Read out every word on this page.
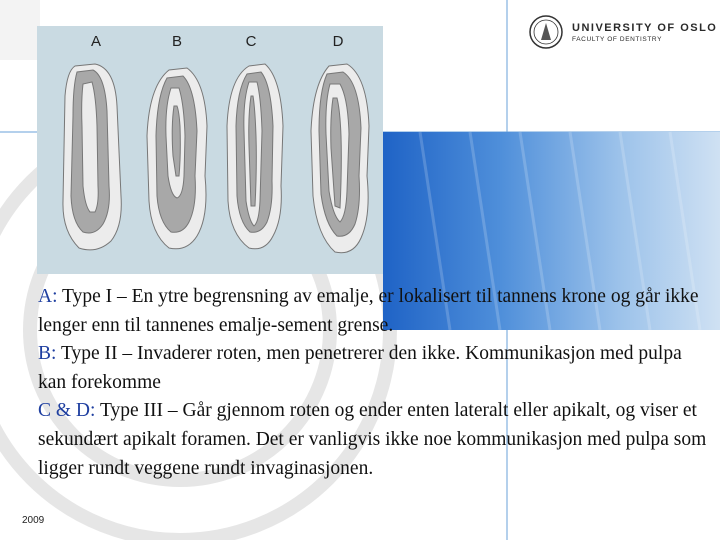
UNIVERSITY OF OSLO
FACULTY OF DENTISTRY
A	B	C	D
A: Type I – En ytre begrensning av emalje, er lokalisert til tannens krone og går ikke lenger enn til tannenes emalje-sement grense.
B: Type II – Invaderer roten, men penetrerer den ikke. Kommunikasjon med pulpa kan forekomme
C & D: Type III – Går gjennom roten og ender enten lateralt eller apikalt, og viser et sekundært apikalt foramen. Det er vanligvis ikke noe kommunikasjon med pulpa som ligger rundt veggene rundt invaginasjonen.
2009
